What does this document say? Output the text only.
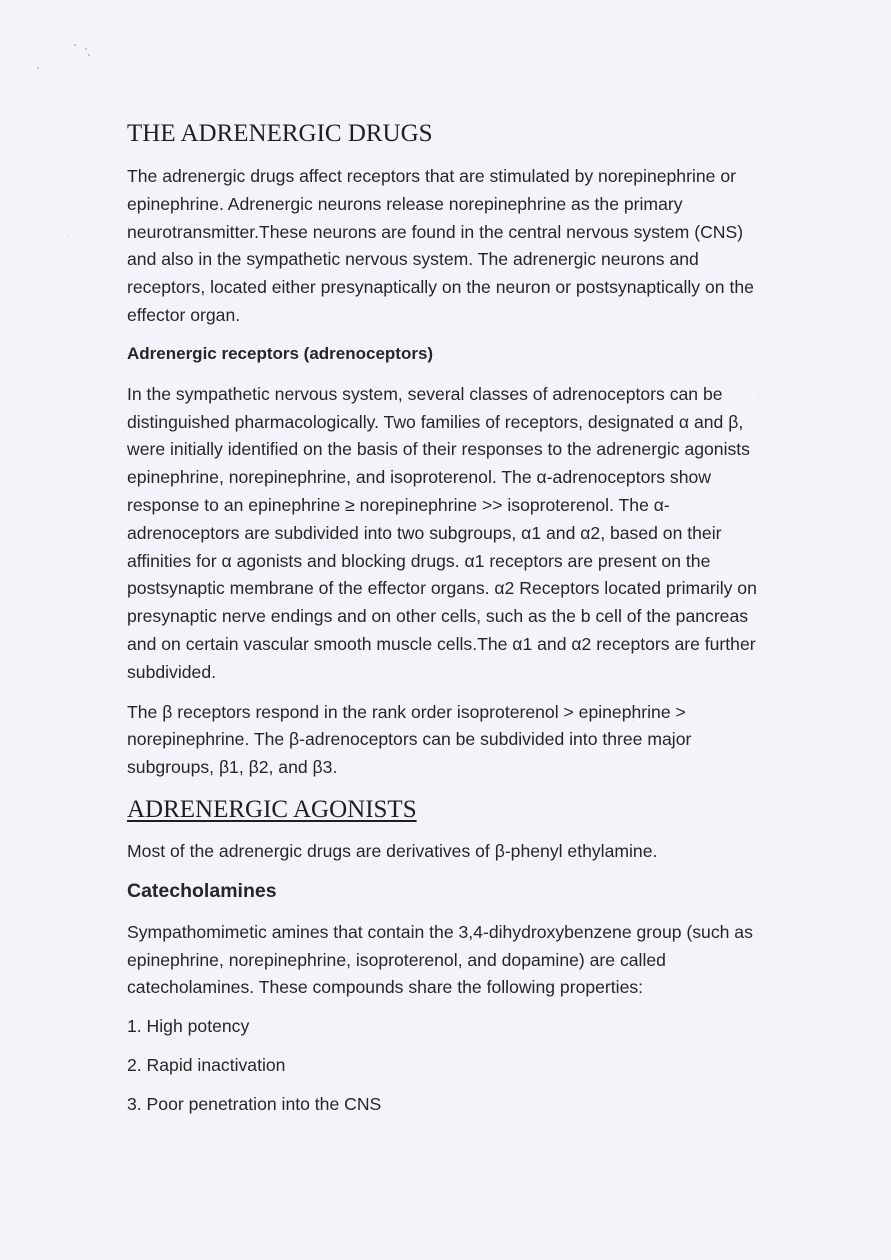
THE ADRENERGIC DRUGS

The adrenergic drugs affect receptors that are stimulated by norepinephrine or epinephrine. Adrenergic neurons release norepinephrine as the primary neurotransmitter.These neurons are found in the central nervous system (CNS) and also in the sympathetic nervous system. The adrenergic neurons and receptors, located either presynaptically on the neuron or postsynaptically on the effector organ.

Adrenergic receptors (adrenoceptors)

In the sympathetic nervous system, several classes of adrenoceptors can be distinguished pharmacologically. Two families of receptors, designated α and β, were initially identified on the basis of their responses to the adrenergic agonists epinephrine, norepinephrine, and isoproterenol. The α-adrenoceptors show response to an epinephrine ≥ norepinephrine >> isoproterenol. The α-adrenoceptors are subdivided into two subgroups, α1 and α2, based on their affinities for α agonists and blocking drugs. α1 receptors are present on the postsynaptic membrane of the effector organs. α2 Receptors located primarily on presynaptic nerve endings and on other cells, such as the b cell of the pancreas and on certain vascular smooth muscle cells.The α1 and α2 receptors are further subdivided.

The β receptors respond in the rank order isoproterenol > epinephrine > norepinephrine. The β-adrenoceptors can be subdivided into three major subgroups, β1, β2, and β3.

ADRENERGIC AGONISTS

Most of the adrenergic drugs are derivatives of β-phenyl ethylamine.

Catecholamines

Sympathomimetic amines that contain the 3,4-dihydroxybenzene group (such as epinephrine, norepinephrine, isoproterenol, and dopamine) are called catecholamines. These compounds share the following properties:

1. High potency

2. Rapid inactivation

3. Poor penetration into the CNS
